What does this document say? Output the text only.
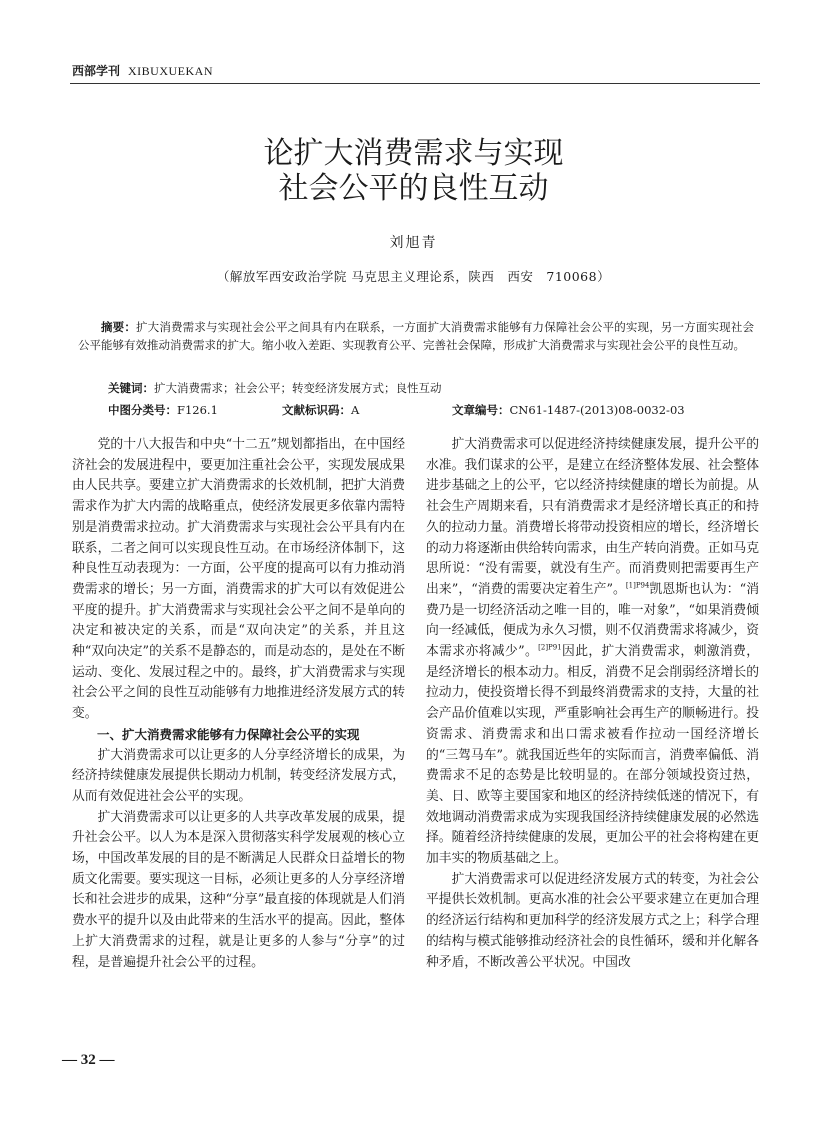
西部学刊 XIBUXUEKAN
论扩大消费需求与实现
社会公平的良性互动
刘旭青
（解放军西安政治学院 马克思主义理论系，陕西　西安　710068）
摘要：扩大消费需求与实现社会公平之间具有内在联系，一方面扩大消费需求能够有力保障社会公平的实现，另一方面实现社会公平能够有效推动消费需求的扩大。缩小收入差距、实现教育公平、完善社会保障，形成扩大消费需求与实现社会公平的良性互动。
关键词：扩大消费需求；社会公平；转变经济发展方式；良性互动
中图分类号：F126.1	文献标识码：A	文章编号：CN61-1487-(2013)08-0032-03

党的十八大报告和中央“十二五”规划都指出，在中国经济社会的发展进程中，要更加注重社会公平，实现发展成果由人民共享。要建立扩大消费需求的长效机制，把扩大消费需求作为扩大内需的战略重点，使经济发展更多依靠内需特别是消费需求拉动。扩大消费需求与实现社会公平具有内在联系，二者之间可以实现良性互动。在市场经济体制下，这种良性互动表现为：一方面，公平度的提高可以有力推动消费需求的增长；另一方面，消费需求的扩大可以有效促进公平度的提升。扩大消费需求与实现社会公平之间不是单向的决定和被决定的关系，而是“双向决定”的关系，并且这种“双向决定”的关系不是静态的，而是动态的，是处在不断运动、变化、发展过程之中的。最终，扩大消费需求与实现社会公平之间的良性互动能够有力地推进经济发展方式的转变。

一、扩大消费需求能够有力保障社会公平的实现

扩大消费需求可以让更多的人分享经济增长的成果，为经济持续健康发展提供长期动力机制，转变经济发展方式，从而有效促进社会公平的实现。

扩大消费需求可以让更多的人共享改革发展的成果，提升社会公平。以人为本是深入贯彻落实科学发展观的核心立场，中国改革发展的目的是不断满足人民群众日益增长的物质文化需要。要实现这一目标，必须让更多的人分享经济增长和社会进步的成果，这种“分享”最直接的体现就是人们消费水平的提升以及由此带来的生活水平的提高。因此，整体上扩大消费需求的过程，就是让更多的人参与“分享”的过程，是普遍提升社会公平的过程。

扩大消费需求可以促进经济持续健康发展，提升公平的水准。我们谋求的公平，是建立在经济整体发展、社会整体进步基础之上的公平，它以经济持续健康的增长为前提。从社会生产周期来看，只有消费需求才是经济增长真正的和持久的拉动力量。消费增长将带动投资相应的增长，经济增长的动力将逐渐由供给转向需求，由生产转向消费。正如马克思所说：“没有需要，就没有生产。而消费则把需要再生产出来”，“消费的需要决定着生产”。$^{[1]P94}$凯恩斯也认为：“消费乃是一切经济活动之唯一目的，唯一对象”，“如果消费倾向一经减低，便成为永久习惯，则不仅消费需求将减少，资本需求亦将减少”。$^{[2]P91}$因此，扩大消费需求，刺激消费，是经济增长的根本动力。相反，消费不足会削弱经济增长的拉动力，使投资增长得不到最终消费需求的支持，大量的社会产品价值难以实现，严重影响社会再生产的顺畅进行。投资需求、消费需求和出口需求被看作拉动一国经济增长的“三驾马车”。就我国近些年的实际而言，消费率偏低、消费需求不足的态势是比较明显的。在部分领域投资过热，美、日、欧等主要国家和地区的经济持续低迷的情况下，有效地调动消费需求成为实现我国经济持续健康发展的必然选择。随着经济持续健康的发展，更加公平的社会将构建在更加丰实的物质基础之上。

扩大消费需求可以促进经济发展方式的转变，为社会公平提供长效机制。更高水准的社会公平要求建立在更加合理的经济运行结构和更加科学的经济发展方式之上；科学合理的结构与模式能够推动经济社会的良性循环，缓和并化解各种矛盾，不断改善公平状况。中国改

— 32 —
